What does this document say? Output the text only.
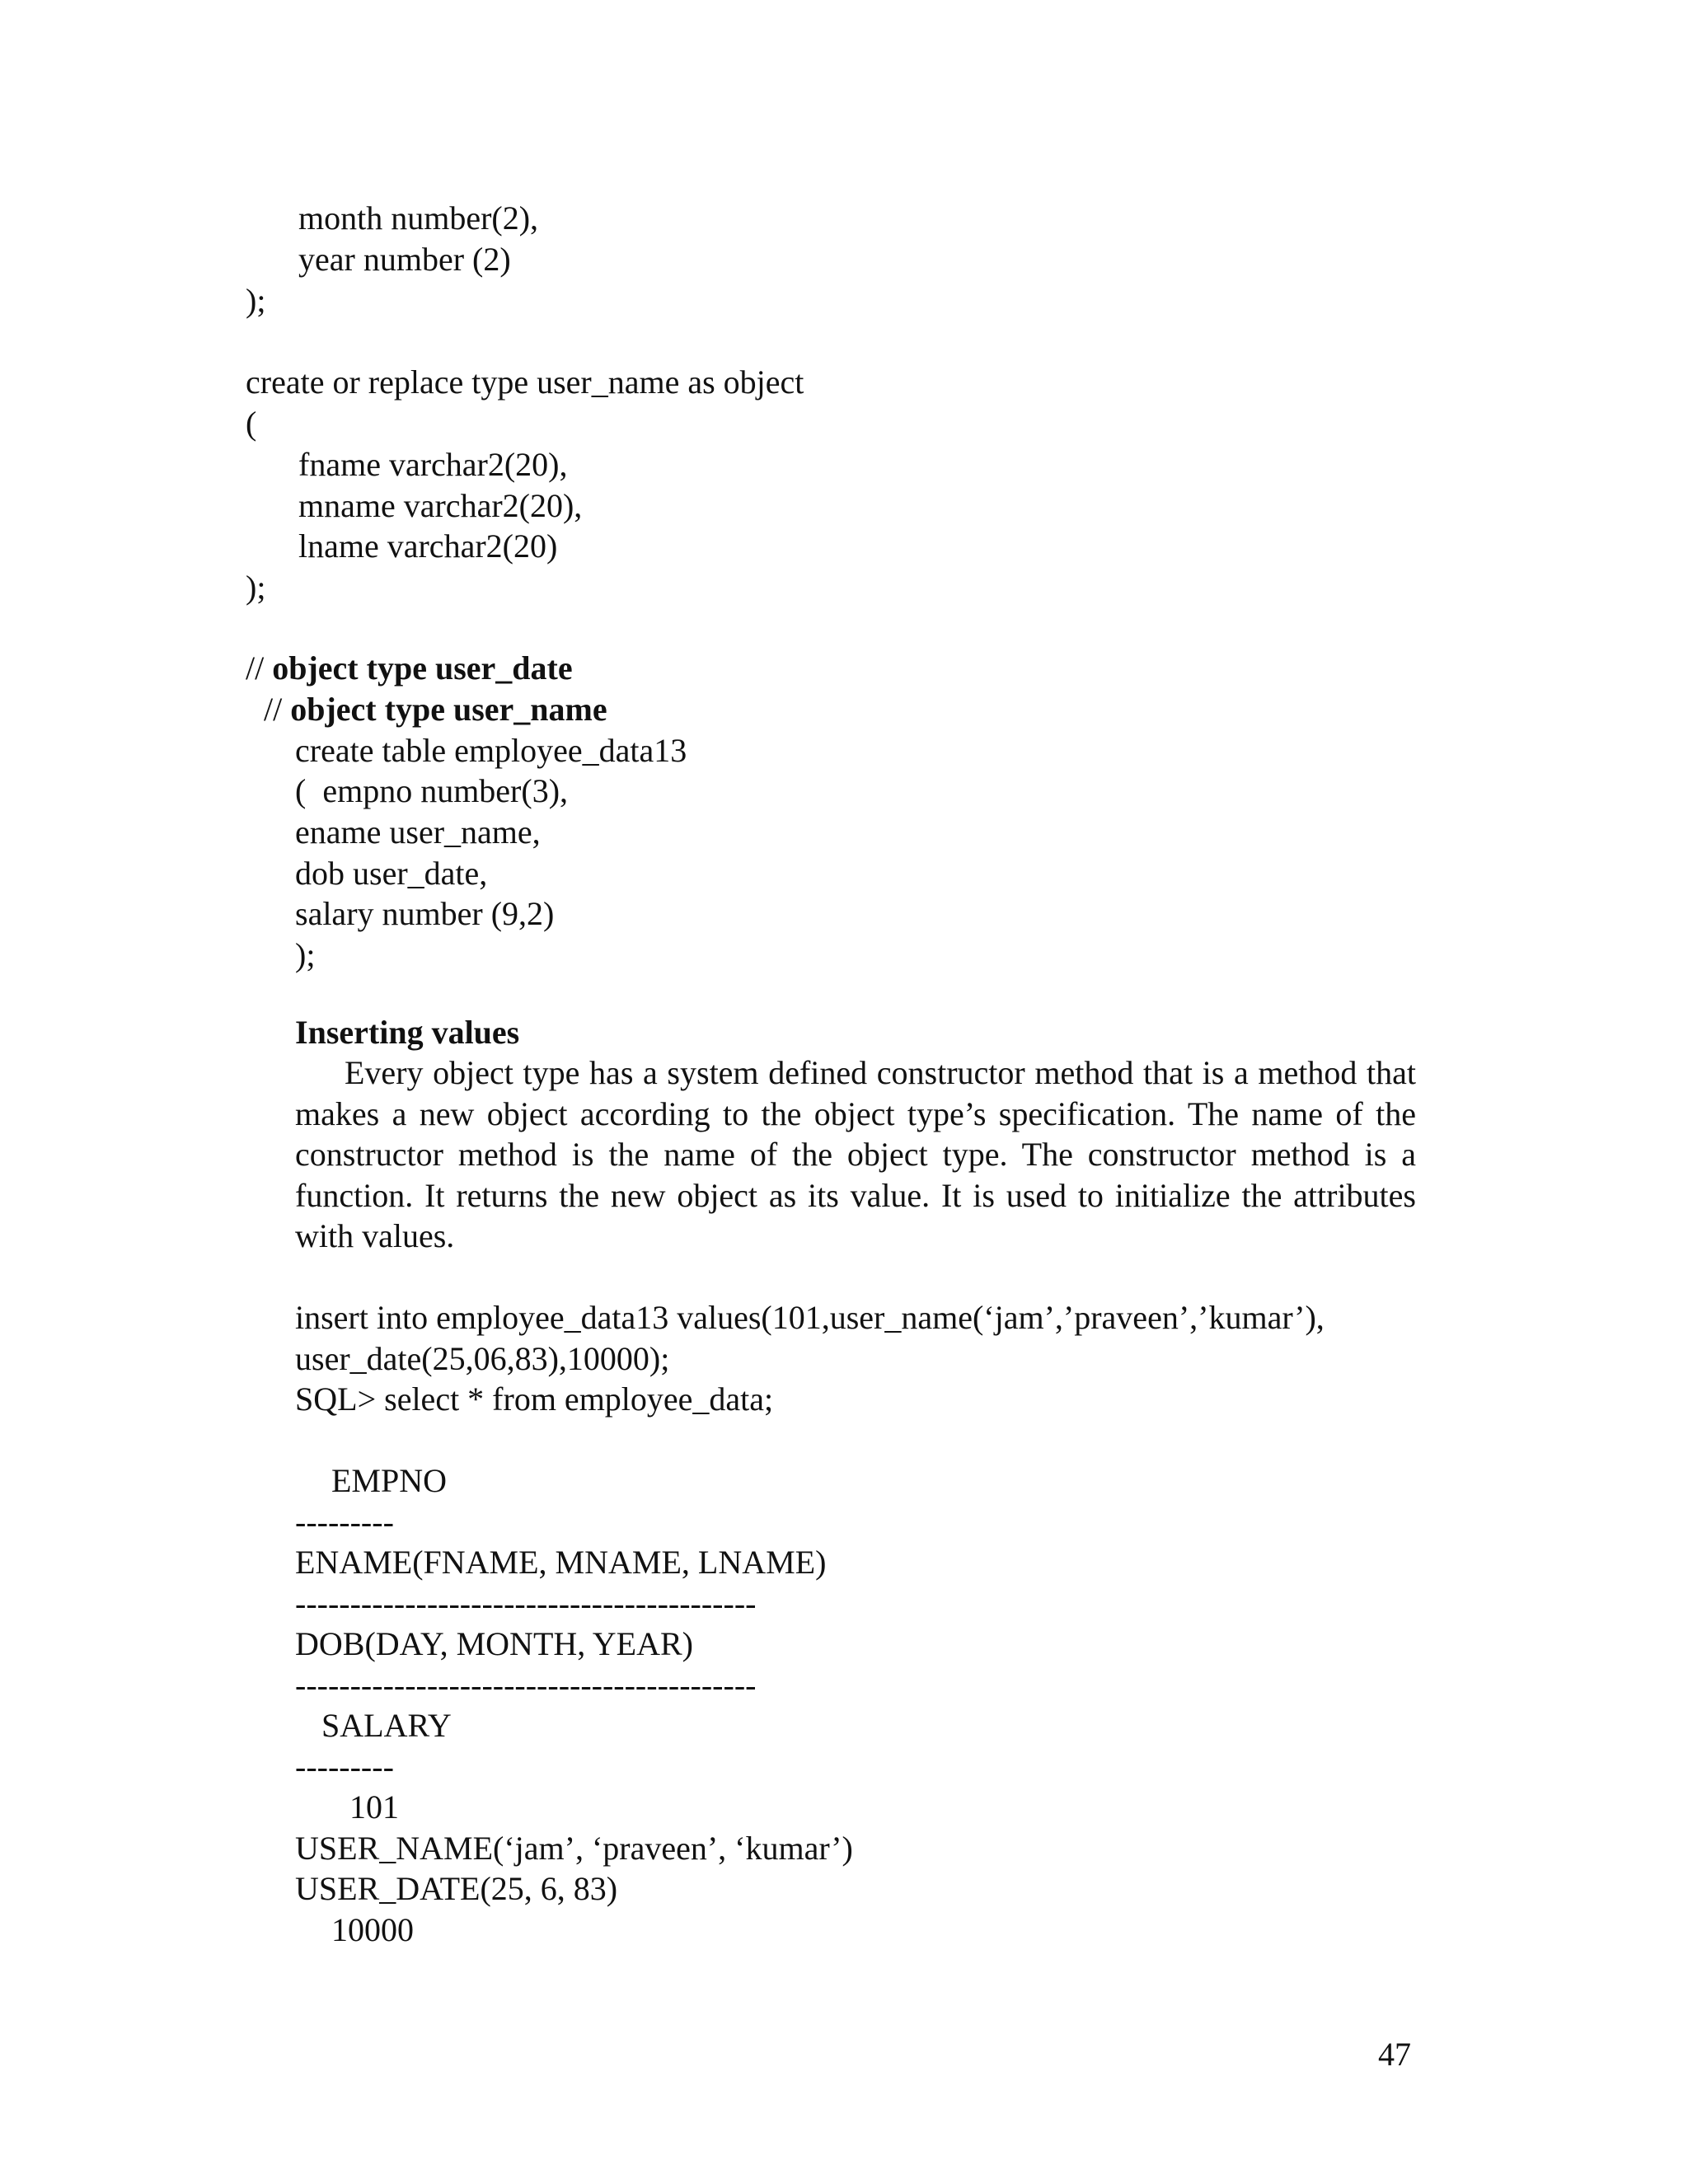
month number(2),

year number (2)

);

create or replace type user_name as object

(

fname varchar2(20),

mname varchar2(20),

lname varchar2(20)

);

// object type user_date

// object type user_name

create table employee_data13

(  empno number(3),

ename user_name,

dob user_date,

salary number (9,2)

);

Inserting values

Every object type has a system defined constructor method that is a method that makes a new object according to the object type’s specification. The name of the constructor method is the name of the object type. The constructor method is a function. It returns the new object as its value. It is used to initialize the attributes with values.

insert into employee_data13 values(101,user_name(‘jam’,’praveen’,’kumar’),

user_date(25,06,83),10000);

SQL> select * from employee_data;

EMPNO

---------

ENAME(FNAME, MNAME, LNAME)

------------------------------------------

DOB(DAY, MONTH, YEAR)

------------------------------------------

SALARY

---------

101

USER_NAME(‘jam’, ‘praveen’, ‘kumar’)

USER_DATE(25, 6, 83)

10000

47
